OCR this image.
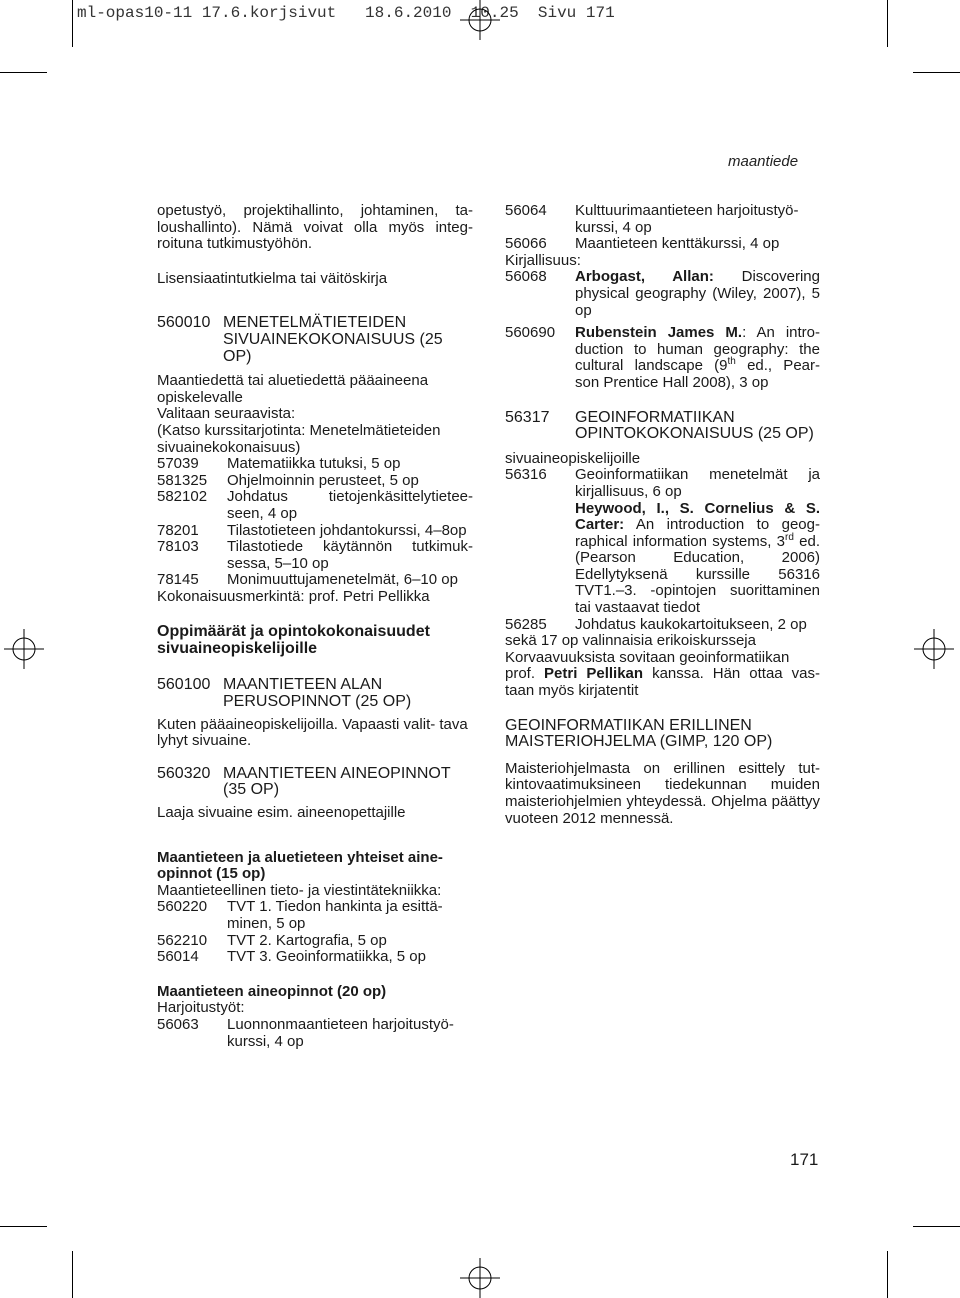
ml-opas10-11 17.6.korjsivut   18.6.2010  10.25  Sivu 171
maantiede

opetustyö, projektihallinto, johtaminen, ta- loushallinto). Nämä voivat olla myös integ- roituna tutkimustyöhön.

Lisensiaatintutkielma tai väitöskirja

560010 MENETELMÄTIETEIDEN SIVUAINEKOKONAISUUS (25 OP)

Maantiedettä tai aluetiedettä pääaineena opiskelevalle

Valitaan seuraavista:

(Katso kurssitarjotinta: Menetelmätieteiden sivuainekokonaisuus)

57039	Matematiikka tutuksi, 5 op
581325	Ohjelmoinnin perusteet, 5 op
582102	Johdatus tietojenkäsittelytietee- seen, 4 op
78201	Tilastotieteen johdantokurssi, 4–8op
78103	Tilastotiede käytännön tutkimuk- sessa, 5–10 op
78145	Monimuuttujamenetelmät, 6–10 op

Kokonaisuusmerkintä: prof. Petri Pellikka

Oppimäärät ja opintokokonaisuudet sivuaineopiskelijoille

560100 MAANTIETEEN ALAN PERUSOPINNOT (25 OP)

Kuten pääaineopiskelijoilla. Vapaasti valit- tava lyhyt sivuaine.

560320 MAANTIETEEN AINEOPINNOT (35 OP)

Laaja sivuaine esim. aineenopettajille

Maantieteen ja aluetieteen yhteiset aine- opinnot (15 op)

Maantieteellinen tieto- ja viestintätekniikka:

560220	TVT 1. Tiedon hankinta ja esittä- minen, 5 op
562210	TVT 2. Kartografia, 5 op
56014	TVT 3. Geoinformatiikka, 5 op

Maantieteen aineopinnot (20 op)

Harjoitustyöt:

56063	Luonnonmaantieteen harjoitustyö- kurssi, 4 op
56064	Kulttuurimaantieteen harjoitustyö- kurssi, 4 op
56066	Maantieteen kenttäkurssi, 4 op

Kirjallisuus:

56068	Arbogast, Allan: Discovering physical geography (Wiley, 2007), 5 op
560690	Rubenstein James M.: An intro- duction to human geography: the cultural landscape (9th ed., Pear- son Prentice Hall 2008), 3 op
56317	GEOINFORMATIIKAN OPINTOKOKONAISUUS (25 OP)

sivuaineopiskelijoille

56316	Geoinformatiikan menetelmät ja kirjallisuus, 6 op
Heywood, I., S. Cornelius & S. Carter: An introduction to geog- raphical information systems, 3rd ed. (Pearson Education, 2006) Edellytyksenä kurssille 56316 TVT1.–3. -opintojen suorittaminen tai vastaavat tiedot
56285	Johdatus kaukokartoitukseen, 2 op

sekä 17 op valinnaisia erikoiskursseja

Korvaavuuksista sovitaan geoinformatiikan

prof. Petri Pellikan kanssa. Hän ottaa vas- taan myös kirjatentit

GEOINFORMATIIKAN ERILLINEN MAISTERIOHJELMA (GIMP, 120 OP)

Maisteriohjelmasta on erillinen esittely tut- kintovaatimuksineen tiedekunnan muiden maisteriohjelmien yhteydessä. Ohjelma päättyy vuoteen 2012 mennessä.

171
